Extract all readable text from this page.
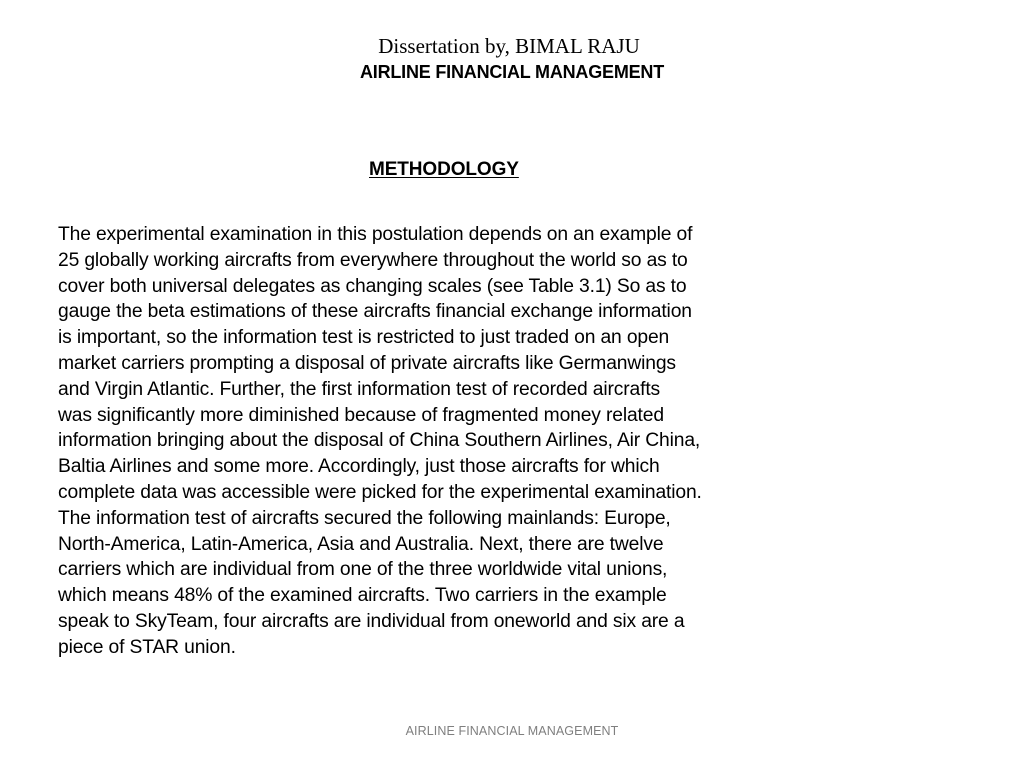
Dissertation by, BIMAL RAJU
AIRLINE FINANCIAL MANAGEMENT
METHODOLOGY
The experimental examination in this postulation depends on an example of
25 globally working aircrafts from everywhere throughout the world so as to
cover both universal delegates as changing scales (see Table 3.1) So as to
gauge the beta estimations of these aircrafts financial exchange information
is important, so the information test is restricted to just traded on an open
market carriers prompting a disposal of private aircrafts like Germanwings
and Virgin Atlantic. Further, the first information test of recorded aircrafts
was significantly more diminished because of fragmented money related
information bringing about the disposal of China Southern Airlines, Air China,
Baltia Airlines and some more. Accordingly, just those aircrafts for which
complete data was accessible were picked for the experimental examination.
The information test of aircrafts secured the following mainlands: Europe,
North-America, Latin-America, Asia and Australia. Next, there are twelve
carriers which are individual from one of the three worldwide vital unions,
which means 48% of the examined aircrafts. Two carriers in the example
speak to SkyTeam, four aircrafts are individual from oneworld and six are a
piece of STAR union.
AIRLINE FINANCIAL MANAGEMENT
